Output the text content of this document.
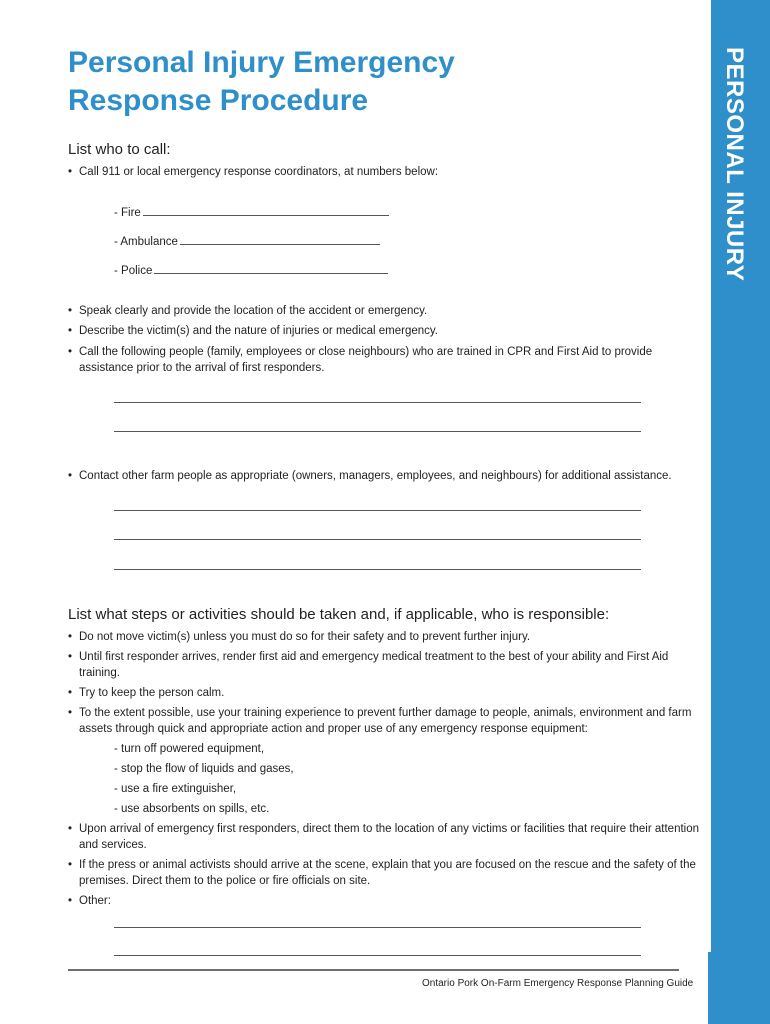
Personal Injury Emergency
Response Procedure	PERSONAL INJURY
List who to call:
• Call 911 or local emergency response coordinators, at numbers below:
- Fire
- Ambulance
- Police
• Speak clearly and provide the location of the accident or emergency.
• Describe the victim(s) and the nature of injuries or medical emergency.
• Call the following people (family, employees or close neighbours) who are trained in CPR and First Aid to provide assistance prior to the arrival of first responders.
• Contact other farm people as appropriate (owners, managers, employees, and neighbours) for additional assistance.
List what steps or activities should be taken and, if applicable, who is responsible:
• Do not move victim(s) unless you must do so for their safety and to prevent further injury.
• Until first responder arrives, render first aid and emergency medical treatment to the best of your ability and First Aid training.
• Try to keep the person calm.
• To the extent possible, use your training experience to prevent further damage to people, animals, environment and farm assets through quick and appropriate action and proper use of any emergency response equipment:
- turn off powered equipment,
- stop the flow of liquids and gases,
- use a fire extinguisher,
- use absorbents on spills, etc.
• Upon arrival of emergency first responders, direct them to the location of any victims or facilities that require their attention and services.
• If the press or animal activists should arrive at the scene, explain that you are focused on the rescue and the safety of the premises. Direct them to the police or fire officials on site.
• Other:
Ontario Pork On-Farm Emergency Response Planning Guide 75
